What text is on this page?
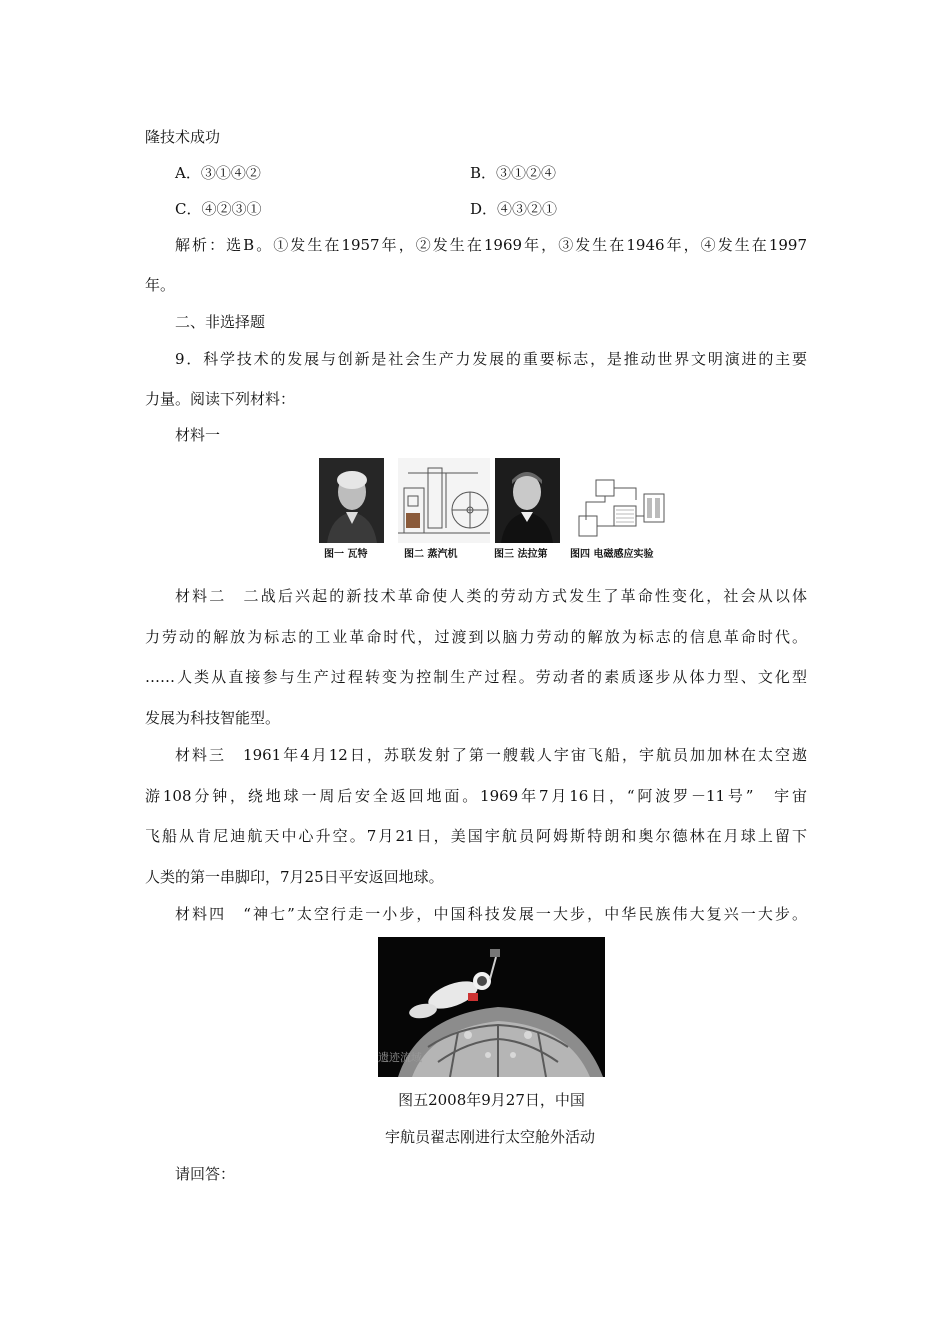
隆技术成功
A．③①④②	B．③①②④
C．④②③①	D．④③②①
解析：选B。①发生在1957年，②发生在1969年，③发生在1946年，④发生在1997
年。
二、非选择题
9．科学技术的发展与创新是社会生产力发展的重要标志，是推动世界文明演进的主要
力量。阅读下列材料：
材料一
图一 瓦特	图二 蒸汽机	图三 法拉第 图四 电磁感应实验
材料二　二战后兴起的新技术革命使人类的劳动方式发生了革命性变化，社会从以体
力劳动的解放为标志的工业革命时代，过渡到以脑力劳动的解放为标志的信息革命时代。
……人类从直接参与生产过程转变为控制生产过程。劳动者的素质逐步从体力型、文化型
发展为科技智能型。
材料三　1961年4月12日，苏联发射了第一艘载人宇宙飞船，宇航员加加林在太空遨
游108分钟，绕地球一周后安全返回地面。1969年7月16日，“阿波罗－11号”　宇宙
飞船从肯尼迪航天中心升空。7月21日，美国宇航员阿姆斯特朗和奥尔德林在月球上留下
人类的第一串脚印，7月25日平安返回地球。
材料四　“神七”太空行走一小步，中国科技发展一大步，中华民族伟大复兴一大步。
遗迹流域
图五2008年9月27日，中国
宇航员翟志刚进行太空舱外活动
请回答：
